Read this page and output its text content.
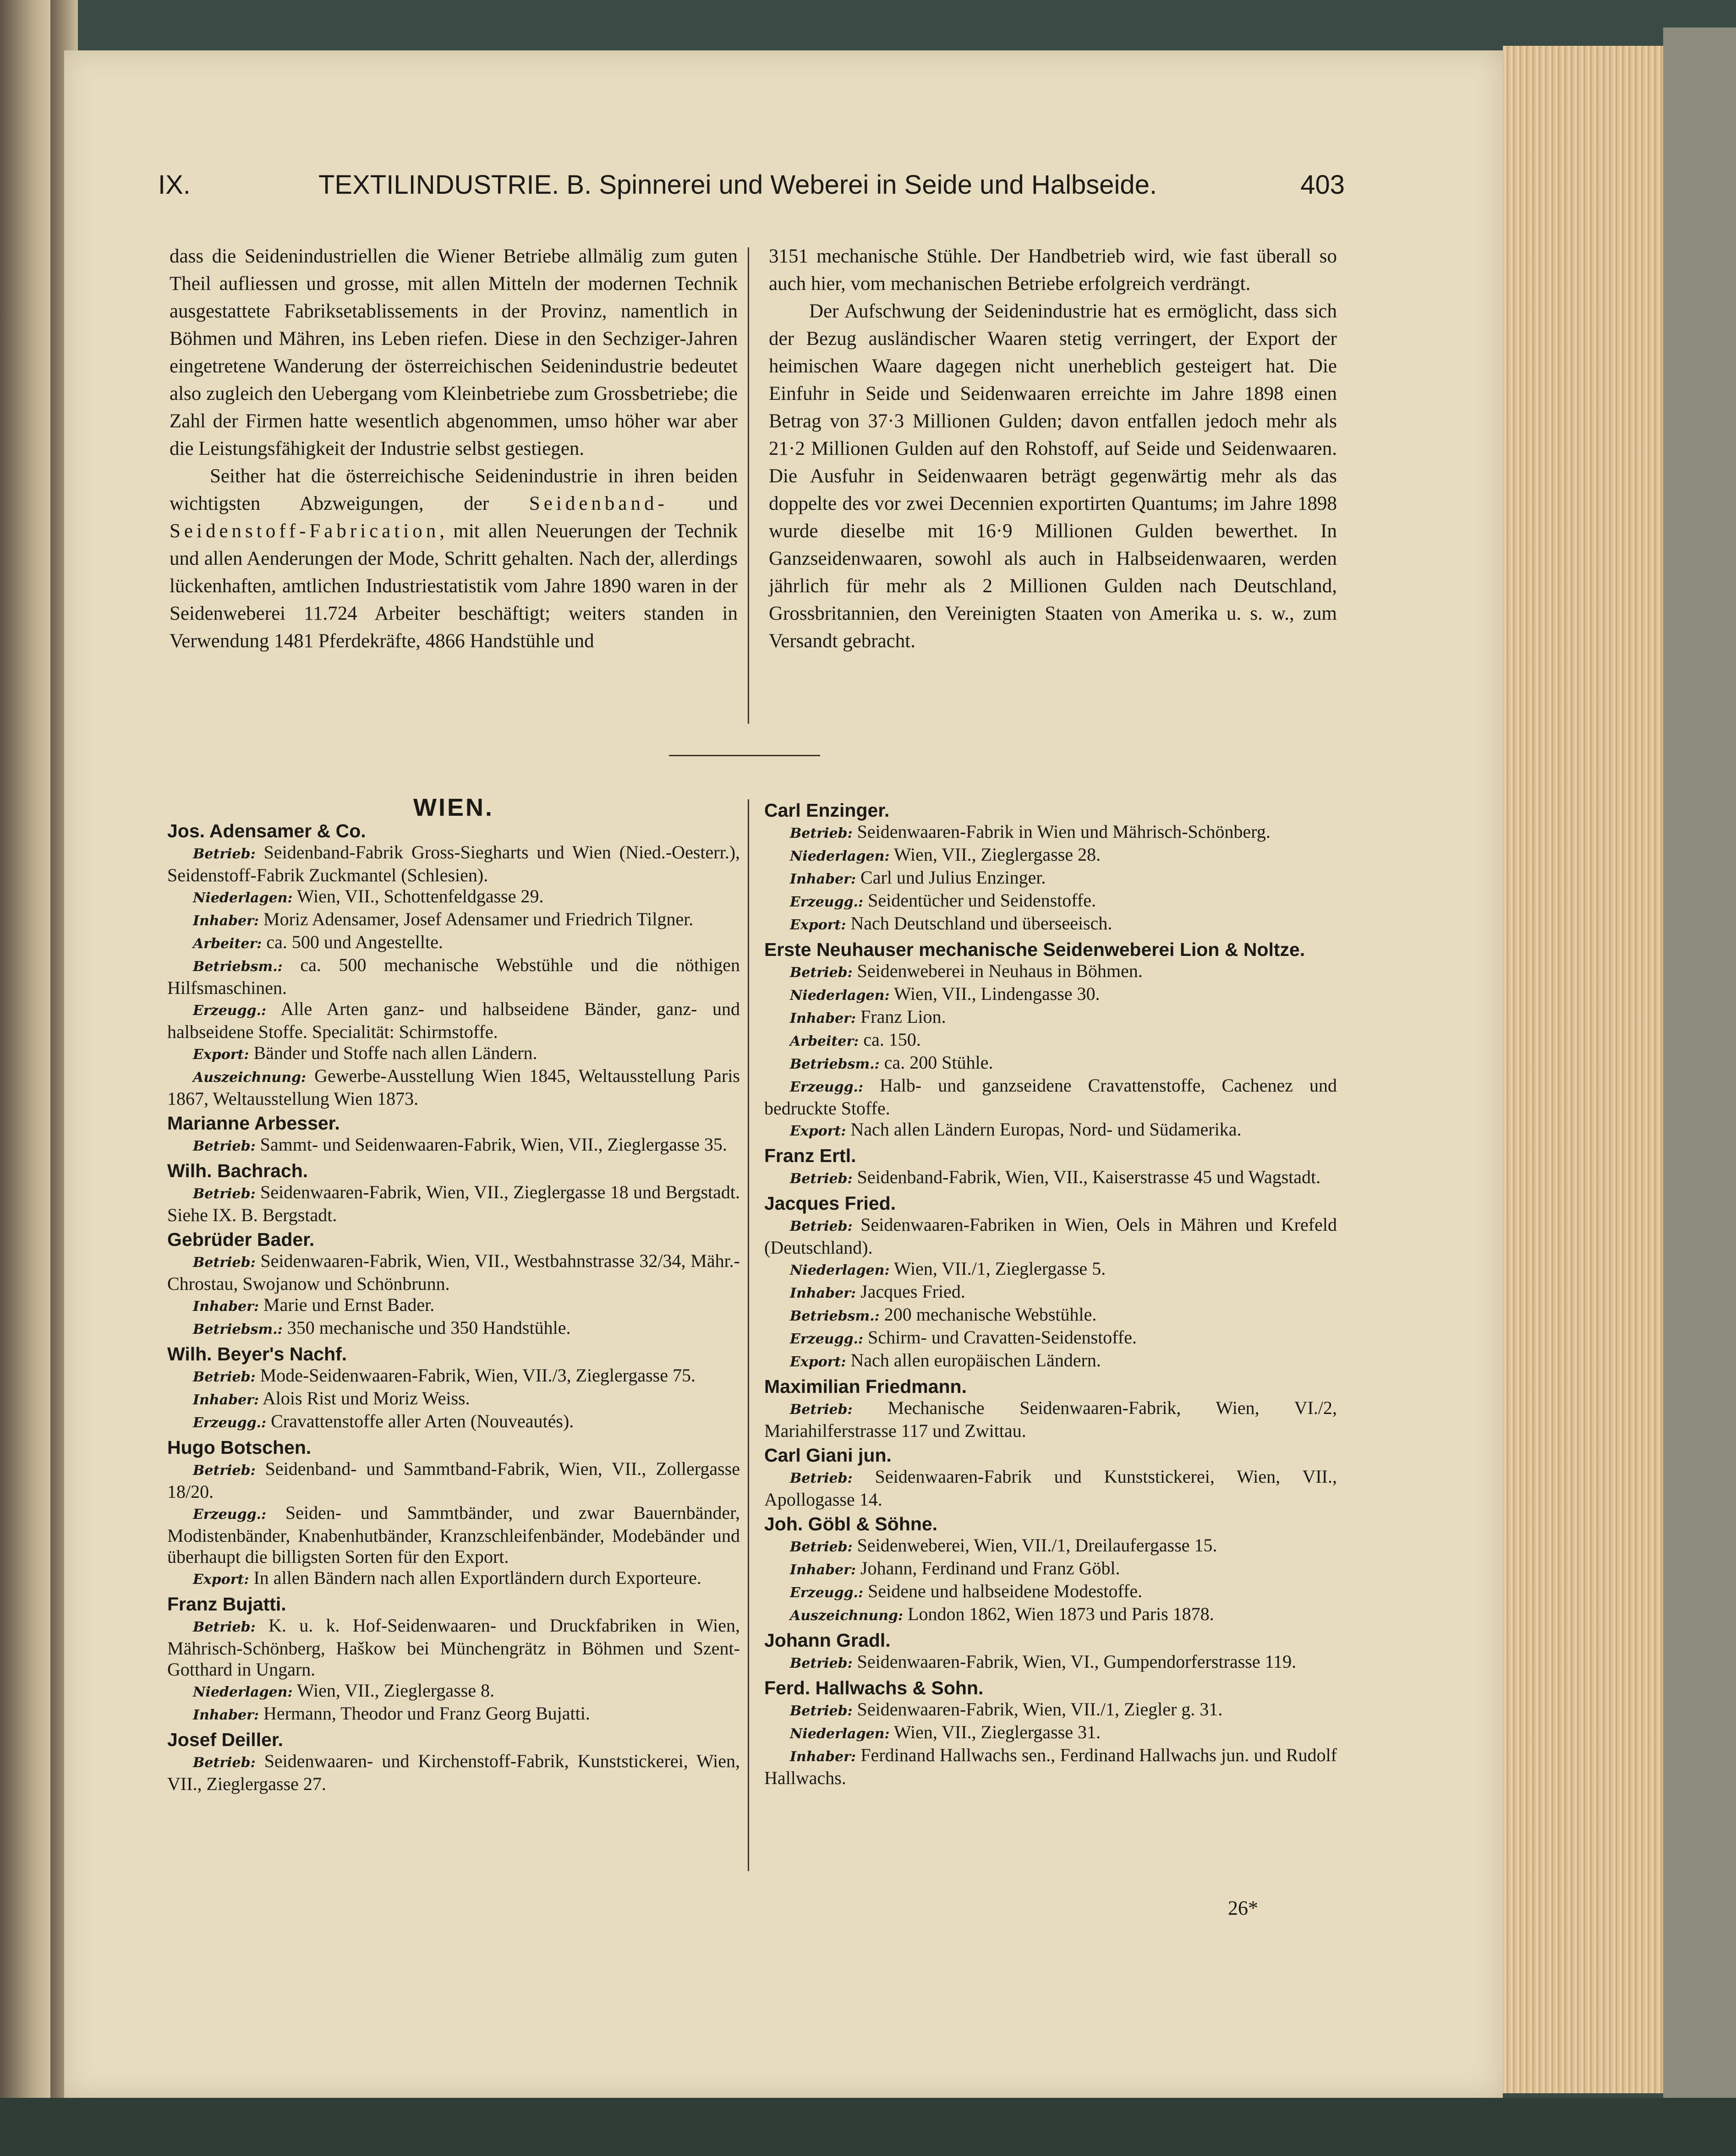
IX.	TEXTILINDUSTRIE. B. Spinnerei und Weberei in Seide und Halbseide.	403

dass die Seidenindustriellen die Wiener Betriebe allmälig zum guten Theil aufliessen und grosse, mit allen Mitteln der modernen Technik ausgestattete Fabriksetablissements in der Provinz, namentlich in Böhmen und Mähren, ins Leben riefen. Diese in den Sechziger-Jahren eingetretene Wanderung der österreichischen Seidenindustrie bedeutet also zugleich den Uebergang vom Kleinbetriebe zum Grossbetriebe; die Zahl der Firmen hatte wesentlich abgenommen, umso höher war aber die Leistungsfähigkeit der Industrie selbst gestiegen.

Seither hat die österreichische Seidenindustrie in ihren beiden wichtigsten Abzweigungen, der Seidenband- und Seidenstoff-Fabrication, mit allen Neuerungen der Technik und allen Aenderungen der Mode, Schritt gehalten. Nach der, allerdings lückenhaften, amtlichen Industriestatistik vom Jahre 1890 waren in der Seidenweberei 11.724 Arbeiter beschäftigt; weiters standen in Verwendung 1481 Pferdekräfte, 4866 Handstühle und

3151 mechanische Stühle. Der Handbetrieb wird, wie fast überall so auch hier, vom mechanischen Betriebe erfolgreich verdrängt.

Der Aufschwung der Seidenindustrie hat es ermöglicht, dass sich der Bezug ausländischer Waaren stetig verringert, der Export der heimischen Waare dagegen nicht unerheblich gesteigert hat. Die Einfuhr in Seide und Seidenwaaren erreichte im Jahre 1898 einen Betrag von 37·3 Millionen Gulden; davon entfallen jedoch mehr als 21·2 Millionen Gulden auf den Rohstoff, auf Seide und Seidenwaaren. Die Ausfuhr in Seidenwaaren beträgt gegenwärtig mehr als das doppelte des vor zwei Decennien exportirten Quantums; im Jahre 1898 wurde dieselbe mit 16·9 Millionen Gulden bewerthet. In Ganzseidenwaaren, sowohl als auch in Halbseidenwaaren, werden jährlich für mehr als 2 Millionen Gulden nach Deutschland, Grossbritannien, den Vereinigten Staaten von Amerika u. s. w., zum Versandt gebracht.

WIEN.
Jos. Adensamer & Co.
Betrieb: Seidenband-Fabrik Gross-Siegharts und Wien (Nied.-Oesterr.), Seidenstoff-Fabrik Zuckmantel (Schlesien).
Niederlagen: Wien, VII., Schottenfeldgasse 29.
Inhaber: Moriz Adensamer, Josef Adensamer und Friedrich Tilgner.
Arbeiter: ca. 500 und Angestellte.
Betriebsm.: ca. 500 mechanische Webstühle und die nöthigen Hilfsmaschinen.
Erzeugg.: Alle Arten ganz- und halbseidene Bänder, ganz- und halbseidene Stoffe. Specialität: Schirmstoffe.
Export: Bänder und Stoffe nach allen Ländern.
Auszeichnung: Gewerbe-Ausstellung Wien 1845, Weltausstellung Paris 1867, Weltausstellung Wien 1873.
Marianne Arbesser.
Betrieb: Sammt- und Seidenwaaren-Fabrik, Wien, VII., Zieglergasse 35.
Wilh. Bachrach.
Betrieb: Seidenwaaren-Fabrik, Wien, VII., Zieglergasse 18 und Bergstadt. Siehe IX. B. Bergstadt.
Gebrüder Bader.
Betrieb: Seidenwaaren-Fabrik, Wien, VII., Westbahnstrasse 32/34, Mähr.-Chrostau, Swojanow und Schönbrunn.
Inhaber: Marie und Ernst Bader.
Betriebsm.: 350 mechanische und 350 Handstühle.
Wilh. Beyer's Nachf.
Betrieb: Mode-Seidenwaaren-Fabrik, Wien, VII./3, Zieglergasse 75.
Inhaber: Alois Rist und Moriz Weiss.
Erzeugg.: Cravattenstoffe aller Arten (Nouveautés).
Hugo Botschen.
Betrieb: Seidenband- und Sammtband-Fabrik, Wien, VII., Zollergasse 18/20.
Erzeugg.: Seiden- und Sammtbänder, und zwar Bauernbänder, Modistenbänder, Knabenhutbänder, Kranzschleifenbänder, Modebänder und überhaupt die billigsten Sorten für den Export.
Export: In allen Bändern nach allen Exportländern durch Exporteure.
Franz Bujatti.
Betrieb: K. u. k. Hof-Seidenwaaren- und Druckfabriken in Wien, Mährisch-Schönberg, Haškow bei Münchengrätz in Böhmen und Szent-Gotthard in Ungarn.
Niederlagen: Wien, VII., Zieglergasse 8.
Inhaber: Hermann, Theodor und Franz Georg Bujatti.
Josef Deiller.
Betrieb: Seidenwaaren- und Kirchenstoff-Fabrik, Kunststickerei, Wien, VII., Zieglergasse 27.
Carl Enzinger.
Betrieb: Seidenwaaren-Fabrik in Wien und Mährisch-Schönberg.
Niederlagen: Wien, VII., Zieglergasse 28.
Inhaber: Carl und Julius Enzinger.
Erzeugg.: Seidentücher und Seidenstoffe.
Export: Nach Deutschland und überseeisch.
Erste Neuhauser mechanische Seidenweberei Lion & Noltze.
Betrieb: Seidenweberei in Neuhaus in Böhmen.
Niederlagen: Wien, VII., Lindengasse 30.
Inhaber: Franz Lion.
Arbeiter: ca. 150.
Betriebsm.: ca. 200 Stühle.
Erzeugg.: Halb- und ganzseidene Cravattenstoffe, Cachenez und bedruckte Stoffe.
Export: Nach allen Ländern Europas, Nord- und Südamerika.
Franz Ertl.
Betrieb: Seidenband-Fabrik, Wien, VII., Kaiserstrasse 45 und Wagstadt.
Jacques Fried.
Betrieb: Seidenwaaren-Fabriken in Wien, Oels in Mähren und Krefeld (Deutschland).
Niederlagen: Wien, VII./1, Zieglergasse 5.
Inhaber: Jacques Fried.
Betriebsm.: 200 mechanische Webstühle.
Erzeugg.: Schirm- und Cravatten-Seidenstoffe.
Export: Nach allen europäischen Ländern.
Maximilian Friedmann.
Betrieb: Mechanische Seidenwaaren-Fabrik, Wien, VI./2, Mariahilferstrasse 117 und Zwittau.
Carl Giani jun.
Betrieb: Seidenwaaren-Fabrik und Kunststickerei, Wien, VII., Apollogasse 14.
Joh. Göbl & Söhne.
Betrieb: Seidenweberei, Wien, VII./1, Dreilaufergasse 15.
Inhaber: Johann, Ferdinand und Franz Göbl.
Erzeugg.: Seidene und halbseidene Modestoffe.
Auszeichnung: London 1862, Wien 1873 und Paris 1878.
Johann Gradl.
Betrieb: Seidenwaaren-Fabrik, Wien, VI., Gumpendorferstrasse 119.
Ferd. Hallwachs & Sohn.
Betrieb: Seidenwaaren-Fabrik, Wien, VII./1, Ziegler g. 31.
Niederlagen: Wien, VII., Zieglergasse 31.
Inhaber: Ferdinand Hallwachs sen., Ferdinand Hallwachs jun. und Rudolf Hallwachs.
26*
